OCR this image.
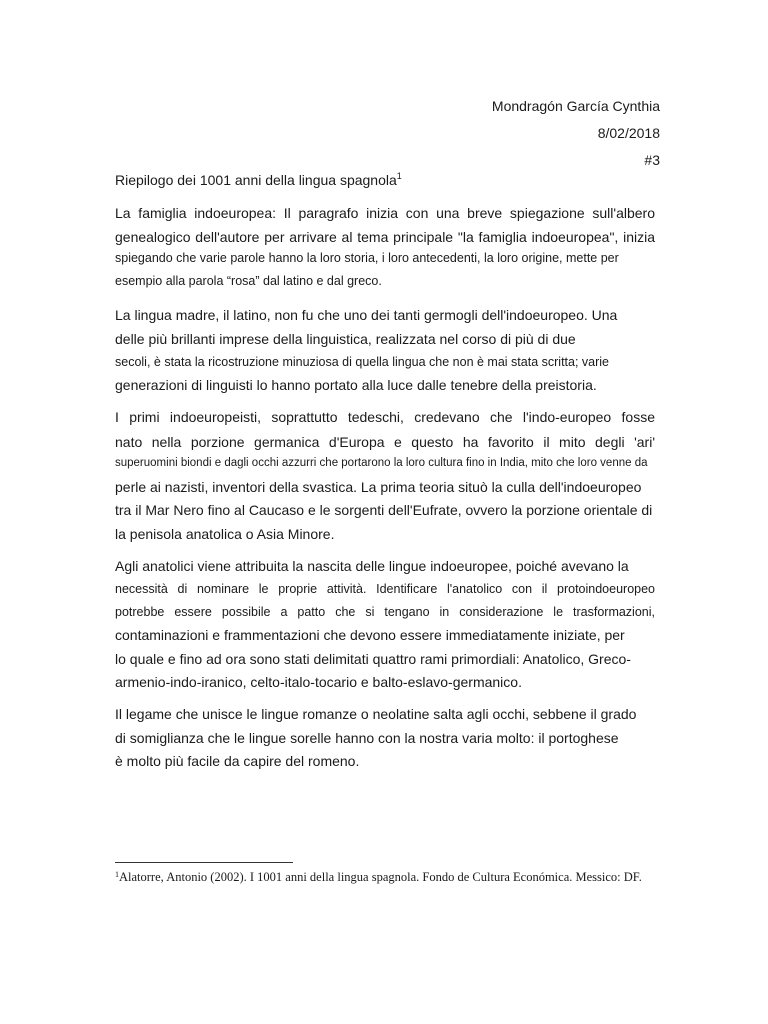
Mondragón García Cynthia
8/02/2018
#3
Riepilogo dei 1001 anni della lingua spagnola$^1$
La famiglia indoeuropea: Il paragrafo inizia con una breve spiegazione sull'albero
genealogico dell'autore per arrivare al tema principale "la famiglia indoeuropea", inizia
spiegando che varie parole hanno la loro storia, i loro antecedenti, la loro origine, mette per
esempio alla parola “rosa” dal latino e dal greco.
La lingua madre, il latino, non fu che uno dei tanti germogli dell'indoeuropeo. Una
delle più brillanti imprese della linguistica, realizzata nel corso di più di due
secoli, è stata la ricostruzione minuziosa di quella lingua che non è mai stata scritta; varie
generazioni di linguisti lo hanno portato alla luce dalle tenebre della preistoria.
I primi indoeuropeisti, soprattutto tedeschi, credevano che l'indo-europeo fosse
nato nella porzione germanica d'Europa e questo ha favorito il mito degli 'ari'
superuomini biondi e dagli occhi azzurri che portarono la loro cultura fino in India, mito che loro venne da
perle ai nazisti, inventori della svastica. La prima teoria situò la culla dell'indoeuropeo
tra il Mar Nero fino al Caucaso e le sorgenti dell'Eufrate, ovvero la porzione orientale di
la penisola anatolica o Asia Minore.
Agli anatolici viene attribuita la nascita delle lingue indoeuropee, poiché avevano la
necessità di nominare le proprie attività. Identificare l'anatolico con il protoindoeuropeo
potrebbe essere possibile a patto che si tengano in considerazione le trasformazioni,
contaminazioni e frammentazioni che devono essere immediatamente iniziate, per
lo quale e fino ad ora sono stati delimitati quattro rami primordiali: Anatolico, Greco-
armenio-indo-iranico, celto-italo-tocario e balto-eslavo-germanico.
Il legame che unisce le lingue romanze o neolatine salta agli occhi, sebbene il grado
di somiglianza che le lingue sorelle hanno con la nostra varia molto: il portoghese
è molto più facile da capire del romeno.
$^1$Alatorre, Antonio (2002). I 1001 anni della lingua spagnola. Fondo de Cultura Económica. Messico: DF.
